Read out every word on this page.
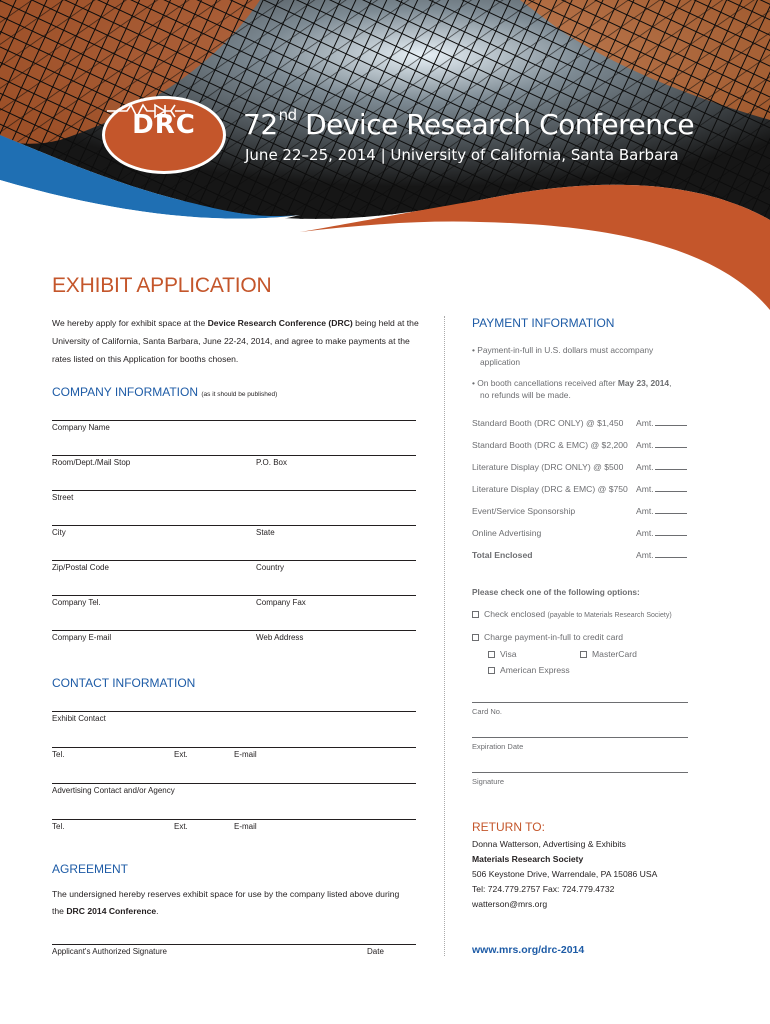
DRC	72nd Device Research Conference
June 22–25, 2014 | University of California, Santa Barbara
EXHIBIT APPLICATION
We hereby apply for exhibit space at the Device Research Conference (DRC) being held at the
University of California, Santa Barbara, June 22-24, 2014, and agree to make payments at the
rates listed on this Application for booths chosen.
COMPANY INFORMATION (as it should be published)
Company Name
Room/Dept./Mail Stop	P.O. Box
Street
City	State
Zip/Postal Code	Country
Company Tel.	Company Fax
Company E-mail	Web Address
CONTACT INFORMATION
Exhibit Contact
Tel.	Ext.	E-mail
Advertising Contact and/or Agency
Tel.	Ext.	E-mail
AGREEMENT
The undersigned hereby reserves exhibit space for use by the company listed above during
the DRC 2014 Conference.
Applicant's Authorized Signature	Date
PAYMENT INFORMATION
• Payment-in-full in U.S. dollars must accompany
application
• On booth cancellations received after May 23, 2014,
no refunds will be made.
Standard Booth (DRC ONLY) @ $1,450 Amt.
Standard Booth (DRC & EMC) @ $2,200 Amt.
Literature Display (DRC ONLY) @ $500 Amt.
Literature Display (DRC & EMC) @ $750 Amt.
Event/Service Sponsorship	Amt.
Online Advertising	Amt.
Total Enclosed	Amt.
Please check one of the following options:
Check enclosed (payable to Materials Research Society)
Charge payment-in-full to credit card
Visa	MasterCard
American Express
Card No.
Expiration Date
Signature
RETURN TO:
Donna Watterson, Advertising & Exhibits
Materials Research Society
506 Keystone Drive, Warrendale, PA 15086 USA
Tel: 724.779.2757 Fax: 724.779.4732
watterson@mrs.org
www.mrs.org/drc-2014
